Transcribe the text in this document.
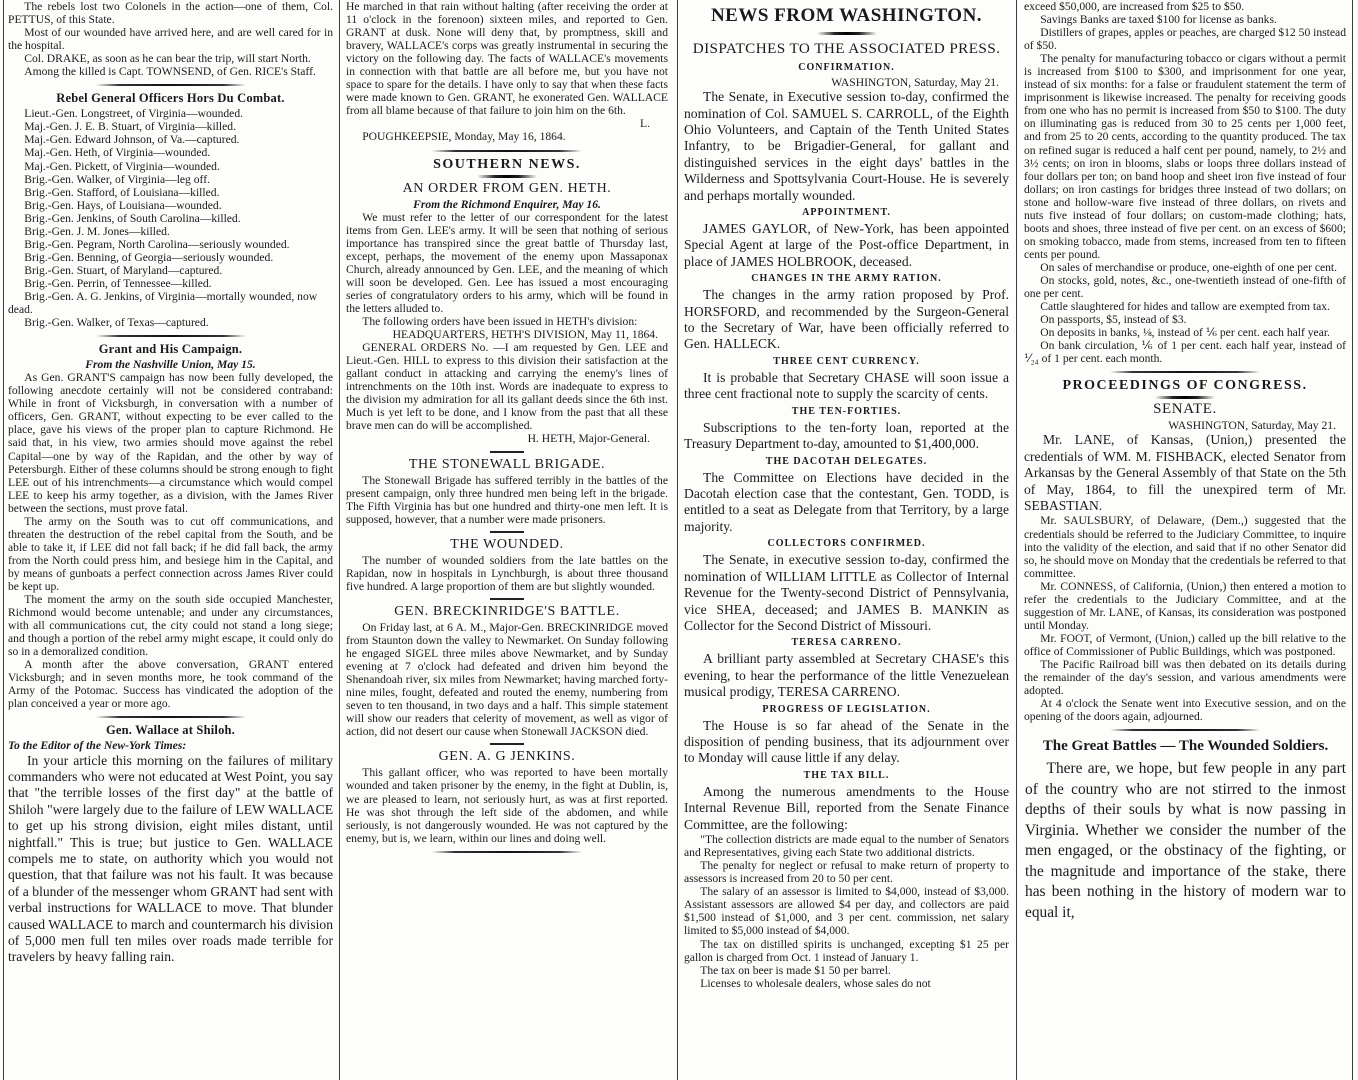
The rebels lost two Colonels in the action—one of them, Col. PETTUS, of this State.

Most of our wounded have arrived here, and are well cared for in the hospital.

Col. DRAKE, as soon as he can bear the trip, will start North.

Among the killed is Capt. TOWNSEND, of Gen. RICE's Staff.

Rebel General Officers Hors Du Combat.

Lieut.-Gen. Longstreet, of Virginia—wounded.

Maj.-Gen. J. E. B. Stuart, of Virginia—killed.

Maj.-Gen. Edward Johnson, of Va.—captured.

Maj.-Gen. Heth, of Virginia—wounded.

Maj.-Gen. Pickett, of Virginia—wounded.

Brig.-Gen. Walker, of Virginia—leg off.

Brig.-Gen. Stafford, of Louisiana—killed.

Brig.-Gen. Hays, of Louisiana—wounded.

Brig.-Gen. Jenkins, of South Carolina—killed.

Brig.-Gen. J. M. Jones—killed.

Brig.-Gen. Pegram, North Carolina—seriously wounded.

Brig.-Gen. Benning, of Georgia—seriously wounded.

Brig.-Gen. Stuart, of Maryland—captured.

Brig.-Gen. Perrin, of Tennessee—killed.

Brig.-Gen. A. G. Jenkins, of Virginia—mortally wounded, now dead.

Brig.-Gen. Walker, of Texas—captured.

Grant and His Campaign.

From the Nashville Union, May 15.

As Gen. GRANT'S campaign has now been fully developed, the following anecdote certainly will not be considered contraband: While in front of Vicksburgh, in conversation with a number of officers, Gen. GRANT, without expecting to be ever called to the place, gave his views of the proper plan to capture Richmond. He said that, in his view, two armies should move against the rebel Capital—one by way of the Rapidan, and the other by way of Petersburgh. Either of these columns should be strong enough to fight LEE out of his intrenchments—a circumstance which would compel LEE to keep his army together, as a division, with the James River between the sections, must prove fatal.

The army on the South was to cut off communications, and threaten the destruction of the rebel capital from the South, and be able to take it, if LEE did not fall back; if he did fall back, the army from the North could press him, and besiege him in the Capital, and by means of gunboats a perfect connection across James River could be kept up.

The moment the army on the south side occupied Manchester, Richmond would become untenable; and under any circumstances, with all communications cut, the city could not stand a long siege; and though a portion of the rebel army might escape, it could only do so in a demoralized condition.

A month after the above conversation, GRANT entered Vicksburgh; and in seven months more, he took command of the Army of the Potomac. Success has vindicated the adoption of the plan conceived a year or more ago.

Gen. Wallace at Shiloh.

To the Editor of the New-York Times:

In your article this morning on the failures of military commanders who were not educated at West Point, you say that "the terrible losses of the first day" at the battle of Shiloh "were largely due to the failure of LEW WALLACE to get up his strong division, eight miles distant, until nightfall." This is true; but justice to Gen. WALLACE compels me to state, on authority which you would not question, that that failure was not his fault. It was because of a blunder of the messenger whom GRANT had sent with verbal instructions for WALLACE to move. That blunder caused WALLACE to march and countermarch his division of 5,000 men full ten miles over roads made terrible for travelers by heavy falling rain.

He marched in that rain without halting (after receiving the order at 11 o'clock in the forenoon) sixteen miles, and reported to Gen. GRANT at dusk. None will deny that, by promptness, skill and bravery, WALLACE's corps was greatly instrumental in securing the victory on the following day. The facts of WALLACE's movements in connection with that battle are all before me, but you have not space to spare for the details. I have only to say that when these facts were made known to Gen. GRANT, he exonerated Gen. WALLACE from all blame because of that failure to join him on the 6th.

L.

POUGHKEEPSIE, Monday, May 16, 1864.

SOUTHERN NEWS.

AN ORDER FROM GEN. HETH.

From the Richmond Enquirer, May 16.

We must refer to the letter of our correspondent for the latest items from Gen. LEE's army. It will be seen that nothing of serious importance has transpired since the great battle of Thursday last, except, perhaps, the movement of the enemy upon Massaponax Church, already announced by Gen. LEE, and the meaning of which will soon be developed. Gen. Lee has issued a most encouraging series of congratulatory orders to his army, which will be found in the letters alluded to.

The following orders have been issued in HETH's division:

HEADQUARTERS, HETH'S DIVISION, May 11, 1864.

GENERAL ORDERS No. —I am requested by Gen. LEE and Lieut.-Gen. HILL to express to this division their satisfaction at the gallant conduct in attacking and carrying the enemy's lines of intrenchments on the 10th inst. Words are inadequate to express to the division my admiration for all its gallant deeds since the 6th inst. Much is yet left to be done, and I know from the past that all these brave men can do will be accomplished.

H. HETH, Major-General.

THE STONEWALL BRIGADE.

The Stonewall Brigade has suffered terribly in the battles of the present campaign, only three hundred men being left in the brigade. The Fifth Virginia has but one hundred and thirty-one men left. It is supposed, however, that a number were made prisoners.

THE WOUNDED.

The number of wounded soldiers from the late battles on the Rapidan, now in hospitals in Lynchburgh, is about three thousand five hundred. A large proportion of them are but slightly wounded.

GEN. BRECKINRIDGE'S BATTLE.

On Friday last, at 6 A. M., Major-Gen. BRECKINRIDGE moved from Staunton down the valley to Newmarket. On Sunday following he engaged SIGEL three miles above Newmarket, and by Sunday evening at 7 o'clock had defeated and driven him beyond the Shenandoah river, six miles from Newmarket; having marched forty-nine miles, fought, defeated and routed the enemy, numbering from seven to ten thousand, in two days and a half. This simple statement will show our readers that celerity of movement, as well as vigor of action, did not desert our cause when Stonewall JACKSON died.

GEN. A. G JENKINS.

This gallant officer, who was reported to have been mortally wounded and taken prisoner by the enemy, in the fight at Dublin, is, we are pleased to learn, not seriously hurt, as was at first reported. He was shot through the left side of the abdomen, and while seriously, is not dangerously wounded. He was not captured by the enemy, but is, we learn, within our lines and doing well.

NEWS FROM WASHINGTON.

DISPATCHES TO THE ASSOCIATED PRESS.

CONFIRMATION.

WASHINGTON, Saturday, May 21.

The Senate, in Executive session to-day, confirmed the nomination of Col. SAMUEL S. CARROLL, of the Eighth Ohio Volunteers, and Captain of the Tenth United States Infantry, to be Brigadier-General, for gallant and distinguished services in the eight days' battles in the Wilderness and Spottsylvania Court-House. He is severely and perhaps mortally wounded.

APPOINTMENT.

JAMES GAYLOR, of New-York, has been appointed Special Agent at large of the Post-office Department, in place of JAMES HOLBROOK, deceased.

CHANGES IN THE ARMY RATION.

The changes in the army ration proposed by Prof. HORSFORD, and recommended by the Surgeon-General to the Secretary of War, have been officially referred to Gen. HALLECK.

THREE CENT CURRENCY.

It is probable that Secretary CHASE will soon issue a three cent fractional note to supply the scarcity of cents.

THE TEN-FORTIES.

Subscriptions to the ten-forty loan, reported at the Treasury Department to-day, amounted to $1,400,000.

THE DACOTAH DELEGATES.

The Committee on Elections have decided in the Dacotah election case that the contestant, Gen. TODD, is entitled to a seat as Delegate from that Territory, by a large majority.

COLLECTORS CONFIRMED.

The Senate, in executive session to-day, confirmed the nomination of WILLIAM LITTLE as Collector of Internal Revenue for the Twenty-second District of Pennsylvania, vice SHEA, deceased; and JAMES B. MANKIN as Collector for the Second District of Missouri.

TERESA CARRENO.

A brilliant party assembled at Secretary CHASE's this evening, to hear the performance of the little Venezuelean musical prodigy, TERESA CARRENO.

PROGRESS OF LEGISLATION.

The House is so far ahead of the Senate in the disposition of pending business, that its adjournment over to Monday will cause little if any delay.

THE TAX BILL.

Among the numerous amendments to the House Internal Revenue Bill, reported from the Senate Finance Committee, are the following:

"The collection districts are made equal to the number of Senators and Representatives, giving each State two additional districts.

The penalty for neglect or refusal to make return of property to assessors is increased from 20 to 50 per cent.

The salary of an assessor is limited to $4,000, instead of $3,000. Assistant assessors are allowed $4 per day, and collectors are paid $1,500 instead of $1,000, and 3 per cent. commission, net salary limited to $5,000 instead of $4,000.

The tax on distilled spirits is unchanged, excepting $1 25 per gallon is charged from Oct. 1 instead of January 1.

The tax on beer is made $1 50 per barrel.

Licenses to wholesale dealers, whose sales do not

exceed $50,000, are increased from $25 to $50.

Savings Banks are taxed $100 for license as banks.

Distillers of grapes, apples or peaches, are charged $12 50 instead of $50.

The penalty for manufacturing tobacco or cigars without a permit is increased from $100 to $300, and imprisonment for one year, instead of six months: for a false or fraudulent statement the term of imprisonment is likewise increased. The penalty for receiving goods from one who has no permit is increased from $50 to $100. The duty on illuminating gas is reduced from 30 to 25 cents per 1,000 feet, and from 25 to 20 cents, according to the quantity produced. The tax on refined sugar is reduced a half cent per pound, namely, to 2½ and 3½ cents; on iron in blooms, slabs or loops three dollars instead of four dollars per ton; on band hoop and sheet iron five instead of four dollars; on iron castings for bridges three instead of two dollars; on stone and hollow-ware five instead of three dollars, on rivets and nuts five instead of four dollars; on custom-made clothing; hats, boots and shoes, three instead of five per cent. on an excess of $600; on smoking tobacco, made from stems, increased from ten to fifteen cents per pound.

On sales of merchandise or produce, one-eighth of one per cent.

On stocks, gold, notes, &c., one-twentieth instead of one-fifth of one per cent.

Cattle slaughtered for hides and tallow are exempted from tax.

On passports, $5, instead of $3.

On deposits in banks, ⅛, instead of ⅙ per cent. each half year.

On bank circulation, ⅙ of 1 per cent. each half year, instead of ⅟₂₄ of 1 per cent. each month.

PROCEEDINGS OF CONGRESS.

SENATE.

WASHINGTON, Saturday, May 21.

Mr. LANE, of Kansas, (Union,) presented the credentials of WM. M. FISHBACK, elected Senator from Arkansas by the General Assembly of that State on the 5th of May, 1864, to fill the unexpired term of Mr. SEBASTIAN.

Mr. SAULSBURY, of Delaware, (Dem.,) suggested that the credentials should be referred to the Judiciary Committee, to inquire into the validity of the election, and said that if no other Senator did so, he should move on Monday that the credentials be referred to that committee.

Mr. CONNESS, of California, (Union,) then entered a motion to refer the credentials to the Judiciary Committee, and at the suggestion of Mr. LANE, of Kansas, its consideration was postponed until Monday.

Mr. FOOT, of Vermont, (Union,) called up the bill relative to the office of Commissioner of Public Buildings, which was postponed.

The Pacific Railroad bill was then debated on its details during the remainder of the day's session, and various amendments were adopted.

At 4 o'clock the Senate went into Executive session, and on the opening of the doors again, adjourned.

The Great Battles — The Wounded Soldiers.

There are, we hope, but few people in any part of the country who are not stirred to the inmost depths of their souls by what is now passing in Virginia. Whether we consider the number of the men engaged, or the obstinacy of the fighting, or the magnitude and importance of the stake, there has been nothing in the history of modern war to equal it,
